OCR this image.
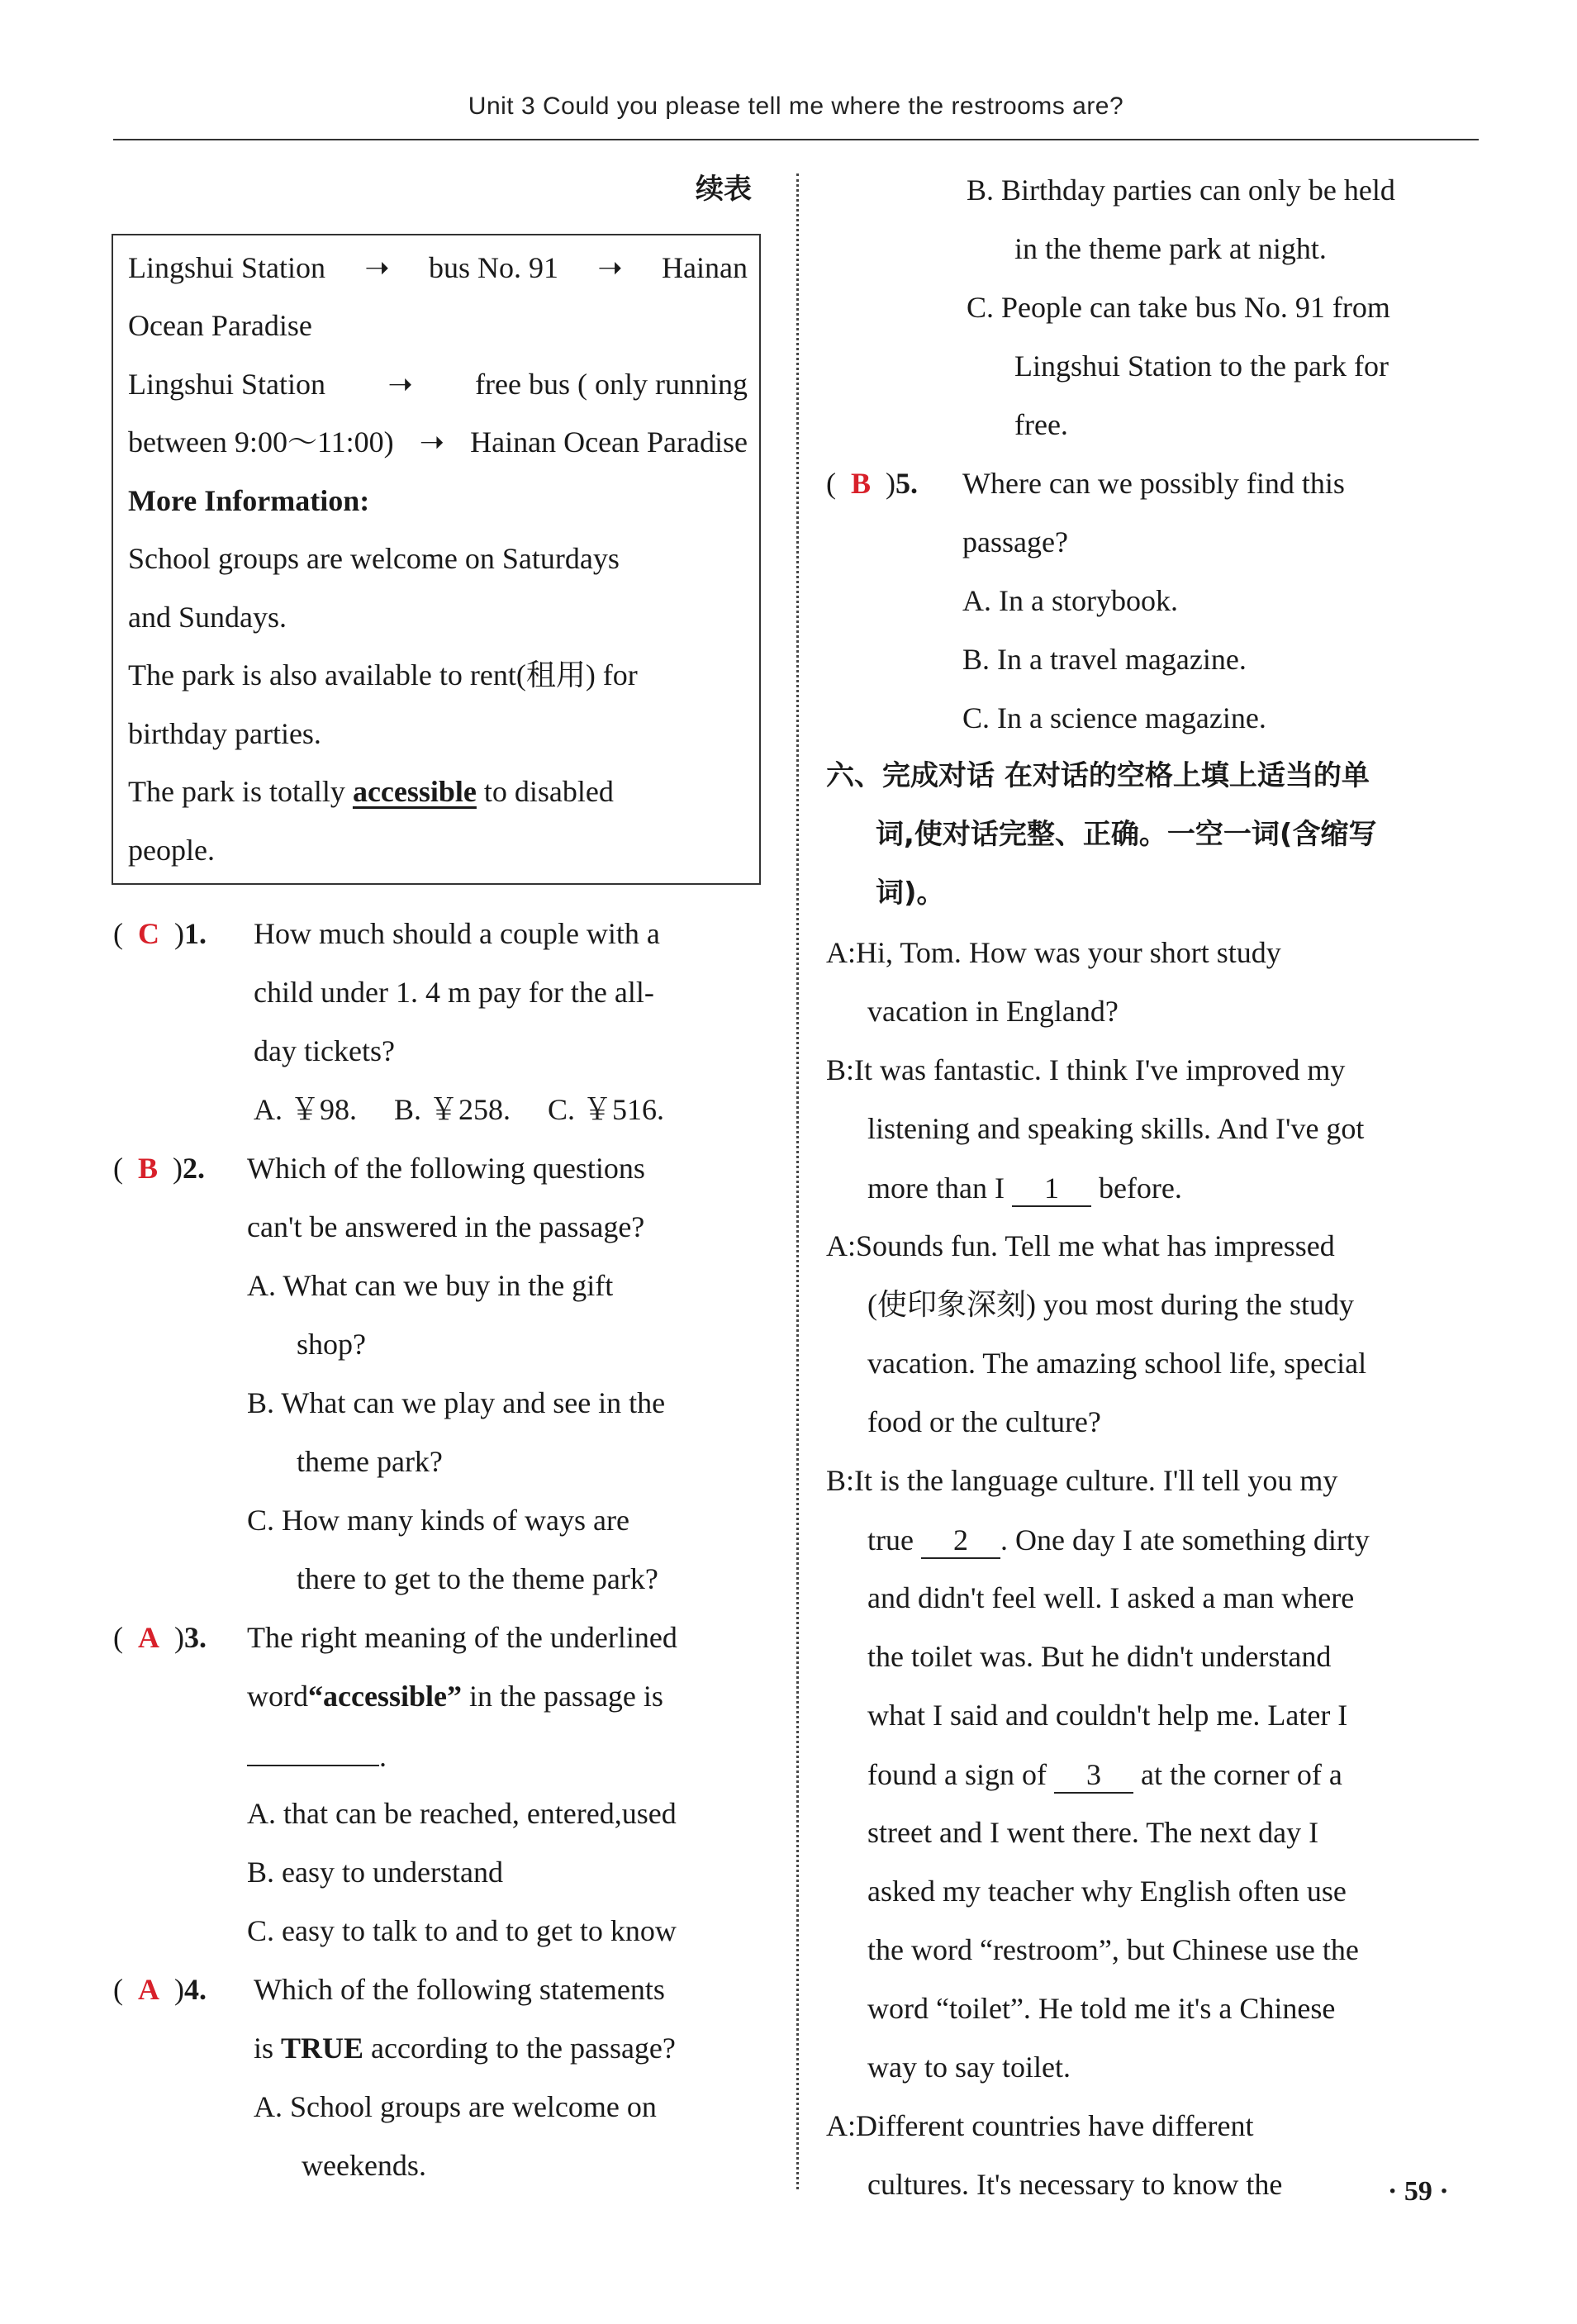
Unit 3 Could you please tell me where the restrooms are?
续表
Lingshui Station ➝ bus No. 91 ➝ Hainan
Ocean Paradise
Lingshui Station ➝ free bus ( only running
between 9:00～11:00) ➝ Hainan Ocean Paradise
More Information:
School groups are welcome on Saturdays
and Sundays.
The park is also available to rent(租用) for
birthday parties.
The park is totally accessible to disabled
people.
(  C  )1. How much should a couple with a
child under 1. 4 m pay for the all-
day tickets?
A. ￥98. B. ￥258. C. ￥516.
(  B  )2. Which of the following questions
can't be answered in the passage?
A. What can we buy in the gift
shop?
B. What can we play and see in the
theme park?
C. How many kinds of ways are
there to get to the theme park?
(  A  )3. The right meaning of the underlined
word“accessible” in the passage is
.
A. that can be reached, entered,used
B. easy to understand
C. easy to talk to and to get to know
(  A  )4. Which of the following statements
is TRUE according to the passage?
A. School groups are welcome on
weekends.
B. Birthday parties can only be held
in the theme park at night.
C. People can take bus No. 91 from
Lingshui Station to the park for
free.
(  B  )5. Where can we possibly find this
passage?
A. In a storybook.
B. In a travel magazine.
C. In a science magazine.
六、完成对话 在对话的空格上填上适当的单
词,使对话完整、正确。一空一词(含缩写
词)。
A:Hi, Tom. How was your short study
vacation in England?
B:It was fantastic. I think I've improved my
listening and speaking skills. And I've got
more than I 1 before.
A:Sounds fun. Tell me what has impressed
(使印象深刻) you most during the study
vacation. The amazing school life, special
food or the culture?
B:It is the language culture. I'll tell you my
true 2 . One day I ate something dirty
and didn't feel well. I asked a man where
the toilet was. But he didn't understand
what I said and couldn't help me. Later I
found a sign of 3 at the corner of a
street and I went there. The next day I
asked my teacher why English often use
the word “restroom”, but Chinese use the
word “toilet”. He told me it's a Chinese
way to say toilet.
A:Different countries have different
cultures. It's necessary to know the	· 59 ·
